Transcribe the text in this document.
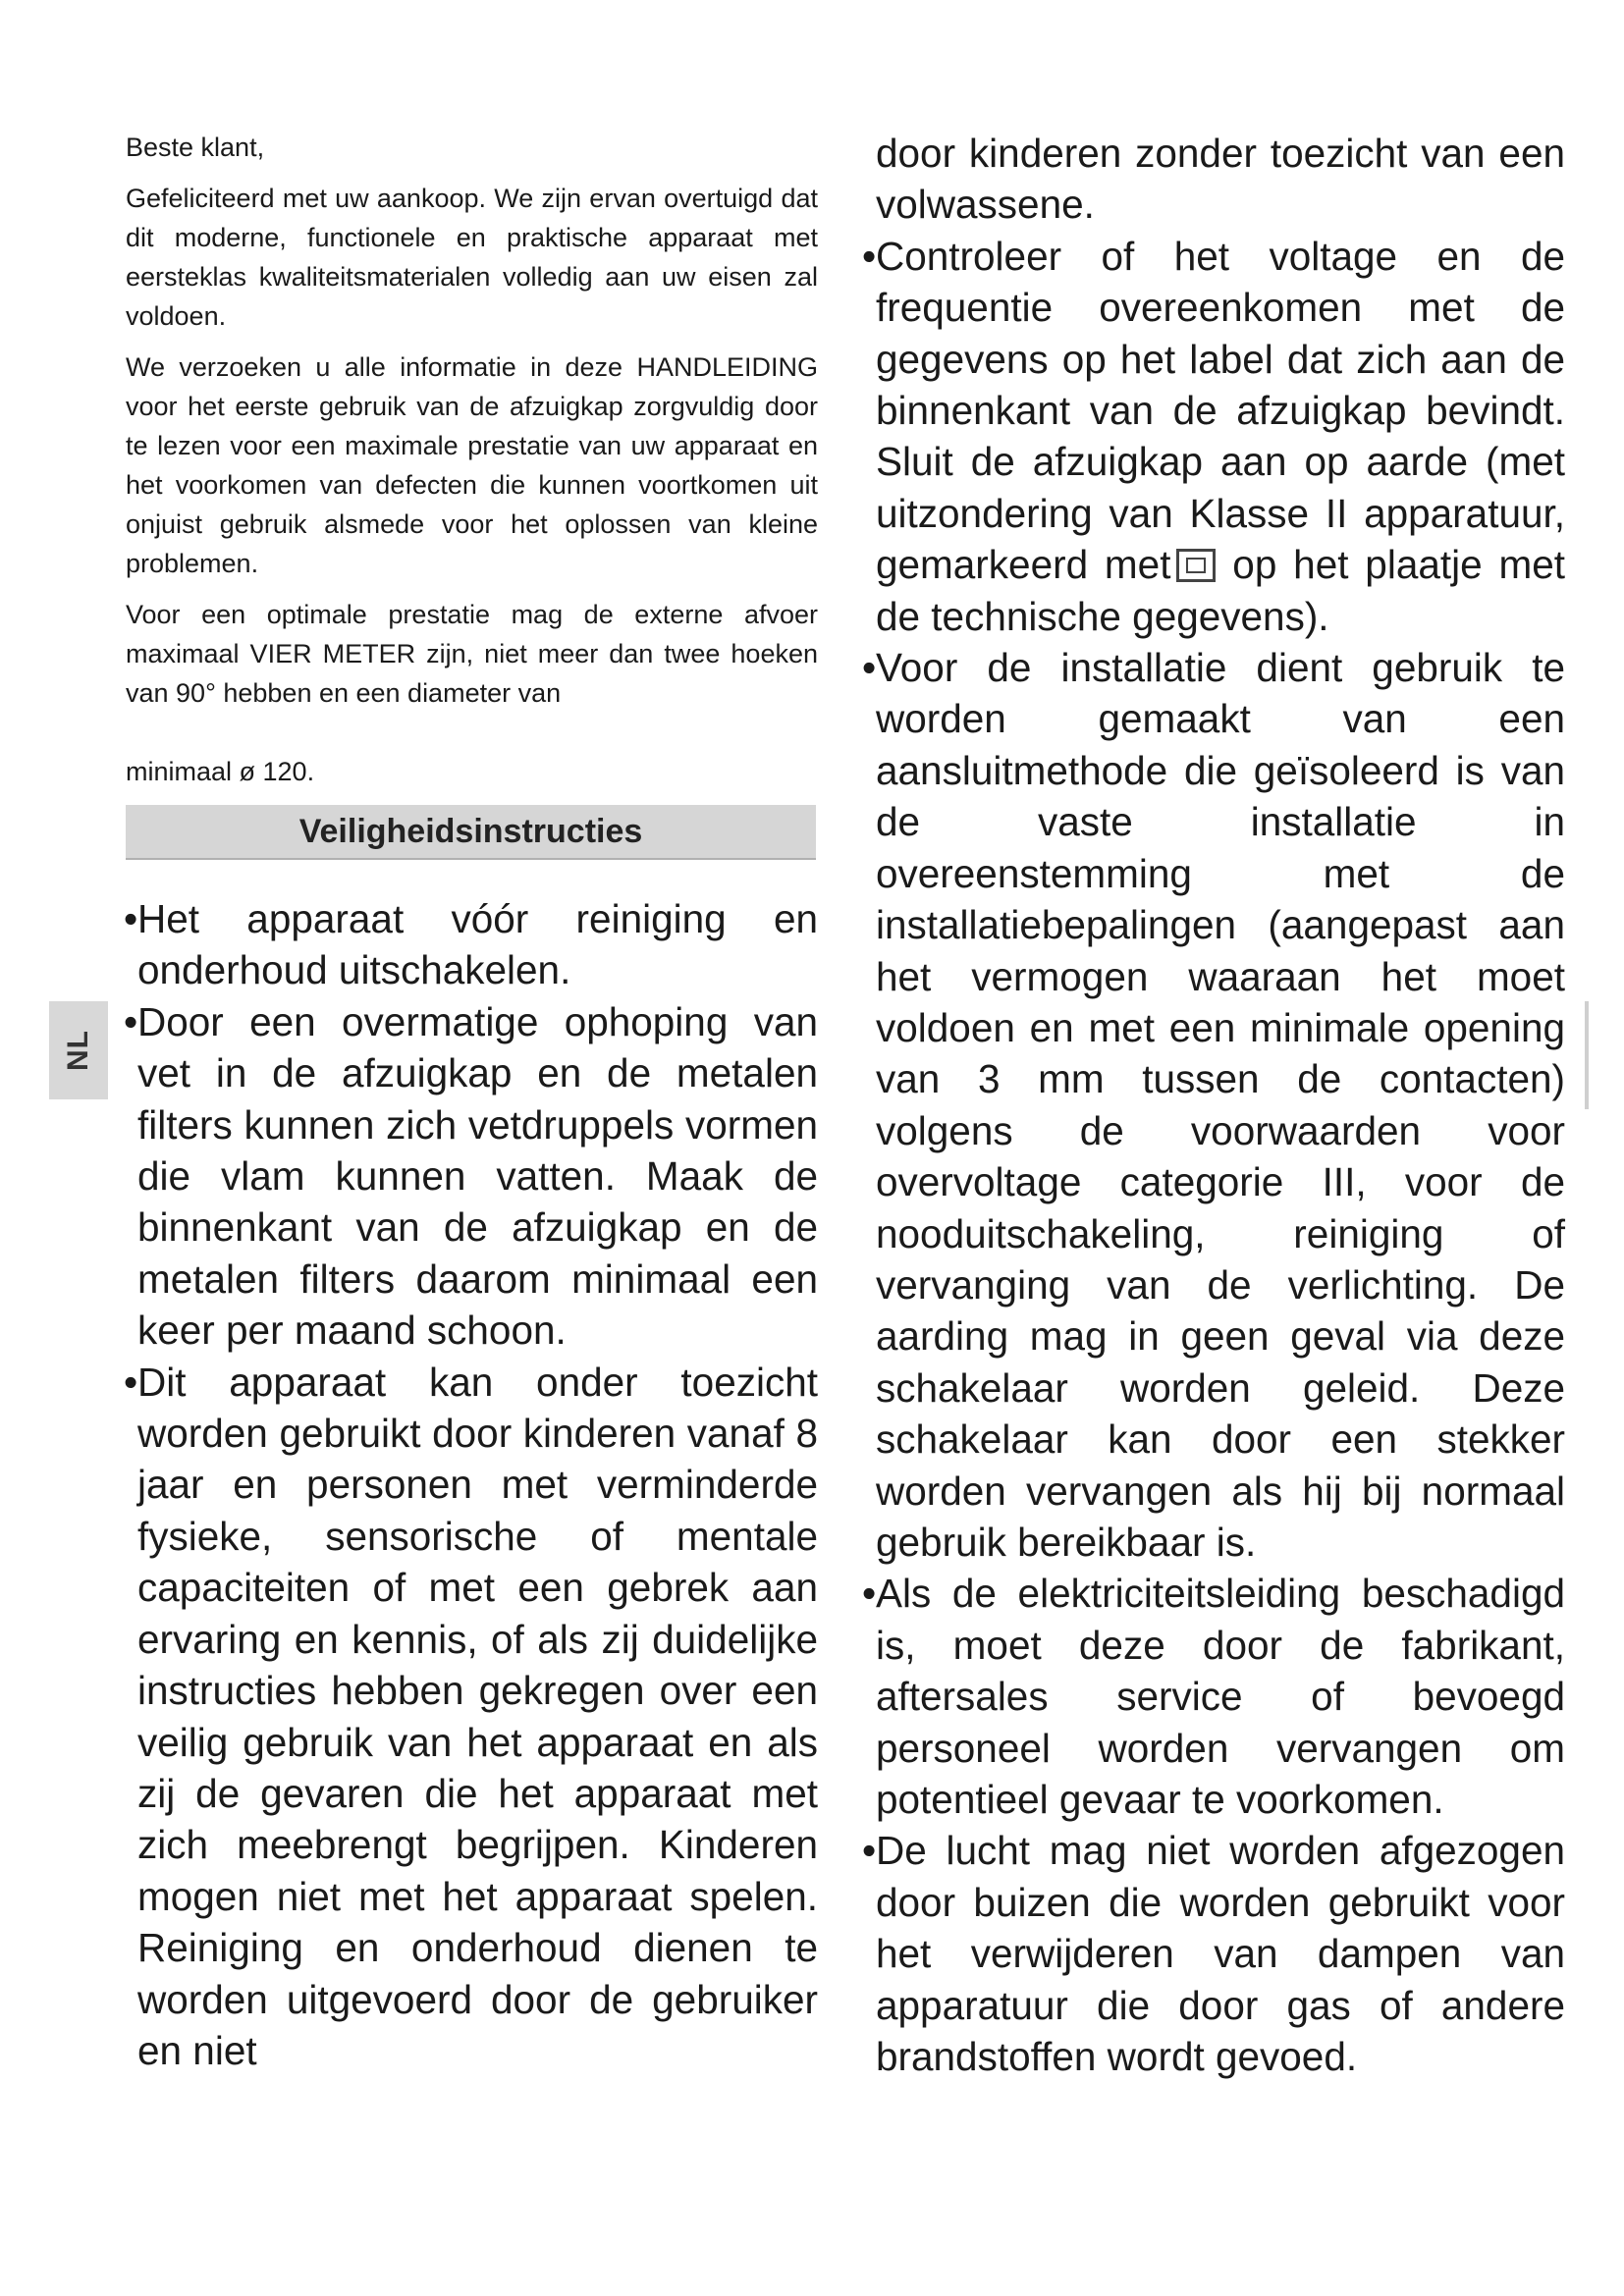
NL

Beste klant,

Gefeliciteerd met uw aankoop. We zijn ervan overtuigd dat dit moderne, functionele en praktische apparaat met eersteklas kwaliteitsmaterialen volledig aan uw eisen zal voldoen.

We verzoeken u alle informatie in deze HANDLEIDING voor het eerste gebruik van de afzuigkap zorgvuldig door te lezen voor een maximale prestatie van uw apparaat en het voorkomen van defecten die kunnen voortkomen uit onjuist gebruik alsmede voor het oplossen van kleine problemen.

Voor een optimale prestatie mag de externe afvoer maximaal VIER METER zijn, niet meer dan twee hoeken van 90° hebben en een diameter van

minimaal ø 120.

Veiligheidsinstructies

• Het apparaat vóór reiniging en onderhoud uitschakelen.

• Door een overmatige ophoping van vet in de afzuigkap en de metalen filters kunnen zich vetdruppels vormen die vlam kunnen vatten. Maak de binnenkant van de afzuigkap en de metalen filters daarom minimaal een keer per maand schoon.

• Dit apparaat kan onder toezicht worden gebruikt door kinderen vanaf 8 jaar en personen met verminderde fysieke, sensorische of mentale capaciteiten of met een gebrek aan ervaring en kennis, of als zij duidelijke instructies hebben gekregen over een veilig gebruik van het apparaat en als zij de gevaren die het apparaat met zich meebrengt begrijpen. Kinderen mogen niet met het apparaat spelen. Reiniging en onderhoud dienen te worden uitgevoerd door de gebruiker en niet

door kinderen zonder toezicht van een volwassene.

• Controleer of het voltage en de frequentie overeenkomen met de gegevens op het label dat zich aan de binnenkant van de afzuigkap bevindt. Sluit de afzuigkap aan op aarde (met uitzondering van Klasse II apparatuur, gemarkeerd met op het plaatje met de technische gegevens).

• Voor de installatie dient gebruik te worden gemaakt van een aansluitmethode die geïsoleerd is van de vaste installatie in overeenstemming met de installatiebepalingen (aangepast aan het vermogen waaraan het moet voldoen en met een minimale opening van 3 mm tussen de contacten) volgens de voorwaarden voor overvoltage categorie III, voor de nooduitschakeling, reiniging of vervanging van de verlichting. De aarding mag in geen geval via deze schakelaar worden geleid. Deze schakelaar kan door een stekker worden vervangen als hij bij normaal gebruik bereikbaar is.

• Als de elektriciteitsleiding beschadigd is, moet deze door de fabrikant, aftersales service of bevoegd personeel worden vervangen om potentieel gevaar te voorkomen.

• De lucht mag niet worden afgezogen door buizen die worden gebruikt voor het verwijderen van dampen van apparatuur die door gas of andere brandstoffen wordt gevoed.
